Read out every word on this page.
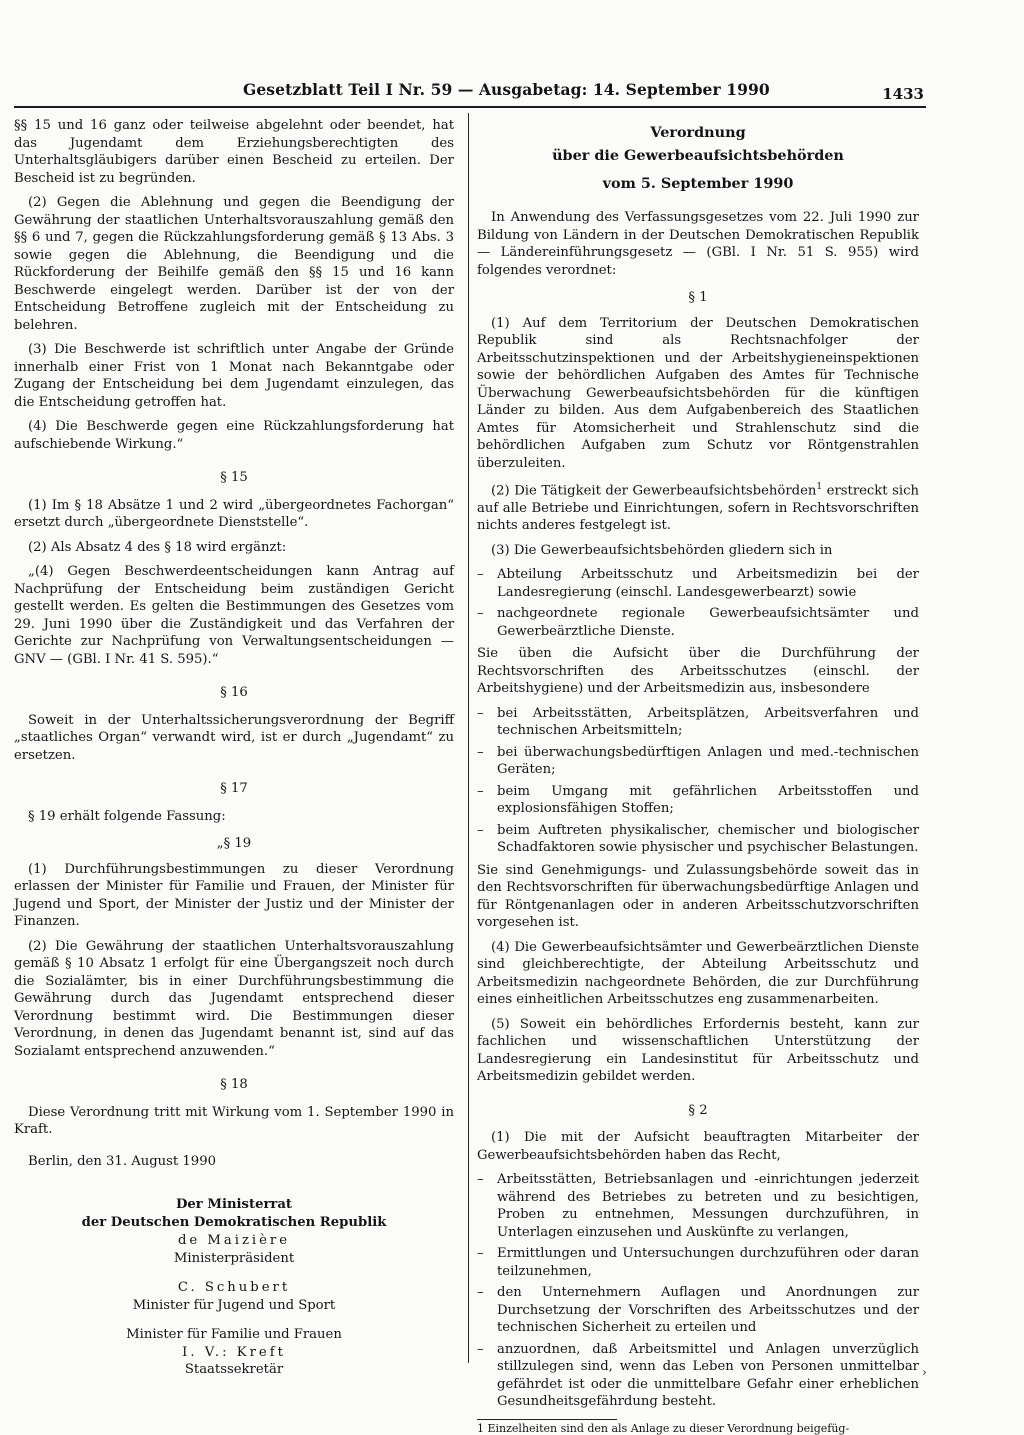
Gesetzblatt Teil I Nr. 59 — Ausgabetag: 14. September 1990	1433

§§ 15 und 16 ganz oder teilweise abgelehnt oder beendet, hat das Jugendamt dem Erziehungsberechtigten des Unterhaltsgläubigers darüber einen Bescheid zu erteilen. Der Bescheid ist zu begründen.

(2) Gegen die Ablehnung und gegen die Beendigung der Gewährung der staatlichen Unterhaltsvorauszahlung gemäß den §§ 6 und 7, gegen die Rückzahlungsforderung gemäß § 13 Abs. 3 sowie gegen die Ablehnung, die Beendigung und die Rückforderung der Beihilfe gemäß den §§ 15 und 16 kann Beschwerde eingelegt werden. Darüber ist der von der Entscheidung Betroffene zugleich mit der Entscheidung zu belehren.

(3) Die Beschwerde ist schriftlich unter Angabe der Gründe innerhalb einer Frist von 1 Monat nach Bekanntgabe oder Zugang der Entscheidung bei dem Jugendamt einzulegen, das die Entscheidung getroffen hat.

(4) Die Beschwerde gegen eine Rückzahlungsforderung hat aufschiebende Wirkung.“

§ 15

(1) Im § 18 Absätze 1 und 2 wird „übergeordnetes Fachorgan“ ersetzt durch „übergeordnete Dienststelle“.

(2) Als Absatz 4 des § 18 wird ergänzt:

„(4) Gegen Beschwerdeentscheidungen kann Antrag auf Nachprüfung der Entscheidung beim zuständigen Gericht gestellt werden. Es gelten die Bestimmungen des Gesetzes vom 29. Juni 1990 über die Zuständigkeit und das Verfahren der Gerichte zur Nachprüfung von Verwaltungsentscheidungen — GNV — (GBl. I Nr. 41 S. 595).“

§ 16

Soweit in der Unterhaltssicherungsverordnung der Begriff „staatliches Organ“ verwandt wird, ist er durch „Jugendamt“ zu ersetzen.

§ 17

§ 19 erhält folgende Fassung:

„§ 19

(1) Durchführungsbestimmungen zu dieser Verordnung erlassen der Minister für Familie und Frauen, der Minister für Jugend und Sport, der Minister der Justiz und der Minister der Finanzen.

(2) Die Gewährung der staatlichen Unterhaltsvorauszahlung gemäß § 10 Absatz 1 erfolgt für eine Übergangszeit noch durch die Sozialämter, bis in einer Durchführungsbestimmung die Gewährung durch das Jugendamt entsprechend dieser Verordnung bestimmt wird. Die Bestimmungen dieser Verordnung, in denen das Jugendamt benannt ist, sind auf das Sozialamt entsprechend anzuwenden.“

§ 18

Diese Verordnung tritt mit Wirkung vom 1. September 1990 in Kraft.

Berlin, den 31. August 1990

Der Ministerrat
der Deutschen Demokratischen Republik
de Maizière
Ministerpräsident
C. Schubert
Minister für Jugend und Sport
Minister für Familie und Frauen
I. V.: Kreft
Staatssekretär
Verordnung
über die Gewerbeaufsichtsbehörden
vom 5. September 1990

In Anwendung des Verfassungsgesetzes vom 22. Juli 1990 zur Bildung von Ländern in der Deutschen Demokratischen Republik — Ländereinführungsgesetz — (GBl. I Nr. 51 S. 955) wird folgendes verordnet:

§ 1

(1) Auf dem Territorium der Deutschen Demokratischen Republik sind als Rechtsnachfolger der Arbeitsschutzinspektionen und der Arbeitshygieneinspektionen sowie der behördlichen Aufgaben des Amtes für Technische Überwachung Gewerbeaufsichtsbehörden für die künftigen Länder zu bilden. Aus dem Aufgabenbereich des Staatlichen Amtes für Atomsicherheit und Strahlenschutz sind die behördlichen Aufgaben zum Schutz vor Röntgenstrahlen überzuleiten.

(2) Die Tätigkeit der Gewerbeaufsichtsbehörden$^1$ erstreckt sich auf alle Betriebe und Einrichtungen, sofern in Rechtsvorschriften nichts anderes festgelegt ist.

(3) Die Gewerbeaufsichtsbehörden gliedern sich in

– Abteilung Arbeitsschutz und Arbeitsmedizin bei der Landesregierung (einschl. Landesgewerbearzt) sowie
– nachgeordnete regionale Gewerbeaufsichtsämter und Gewerbeärztliche Dienste.

Sie üben die Aufsicht über die Durchführung der Rechtsvorschriften des Arbeitsschutzes (einschl. der Arbeitshygiene) und der Arbeitsmedizin aus, insbesondere

– bei Arbeitsstätten, Arbeitsplätzen, Arbeitsverfahren und technischen Arbeitsmitteln;
– bei überwachungsbedürftigen Anlagen und med.-technischen Geräten;
– beim Umgang mit gefährlichen Arbeitsstoffen und explosionsfähigen Stoffen;
– beim Auftreten physikalischer, chemischer und biologischer Schadfaktoren sowie physischer und psychischer Belastungen.

Sie sind Genehmigungs- und Zulassungsbehörde soweit das in den Rechtsvorschriften für überwachungsbedürftige Anlagen und für Röntgenanlagen oder in anderen Arbeitsschutzvorschriften vorgesehen ist.

(4) Die Gewerbeaufsichtsämter und Gewerbeärztlichen Dienste sind gleichberechtigte, der Abteilung Arbeitsschutz und Arbeitsmedizin nachgeordnete Behörden, die zur Durchführung eines einheitlichen Arbeitsschutzes eng zusammenarbeiten.

(5) Soweit ein behördliches Erfordernis besteht, kann zur fachlichen und wissenschaftlichen Unterstützung der Landesregierung ein Landesinstitut für Arbeitsschutz und Arbeitsmedizin gebildet werden.

§ 2

(1) Die mit der Aufsicht beauftragten Mitarbeiter der Gewerbeaufsichtsbehörden haben das Recht,

– Arbeitsstätten, Betriebsanlagen und -einrichtungen jederzeit während des Betriebes zu betreten und zu besichtigen, Proben zu entnehmen, Messungen durchzuführen, in Unterlagen einzusehen und Auskünfte zu verlangen,
– Ermittlungen und Untersuchungen durchzuführen oder daran teilzunehmen,
– den Unternehmern Auflagen und Anordnungen zur Durchsetzung der Vorschriften des Arbeitsschutzes und der technischen Sicherheit zu erteilen und
– anzuordnen, daß Arbeitsmittel und Anlagen unverzüglich stillzulegen sind, wenn das Leben von Personen unmittelbar gefährdet ist oder die unmittelbare Gefahr einer erheblichen Gesundheitsgefährdung besteht.
1 Einzelheiten sind den als Anlage zu dieser Verordnung beigefüg-
›
